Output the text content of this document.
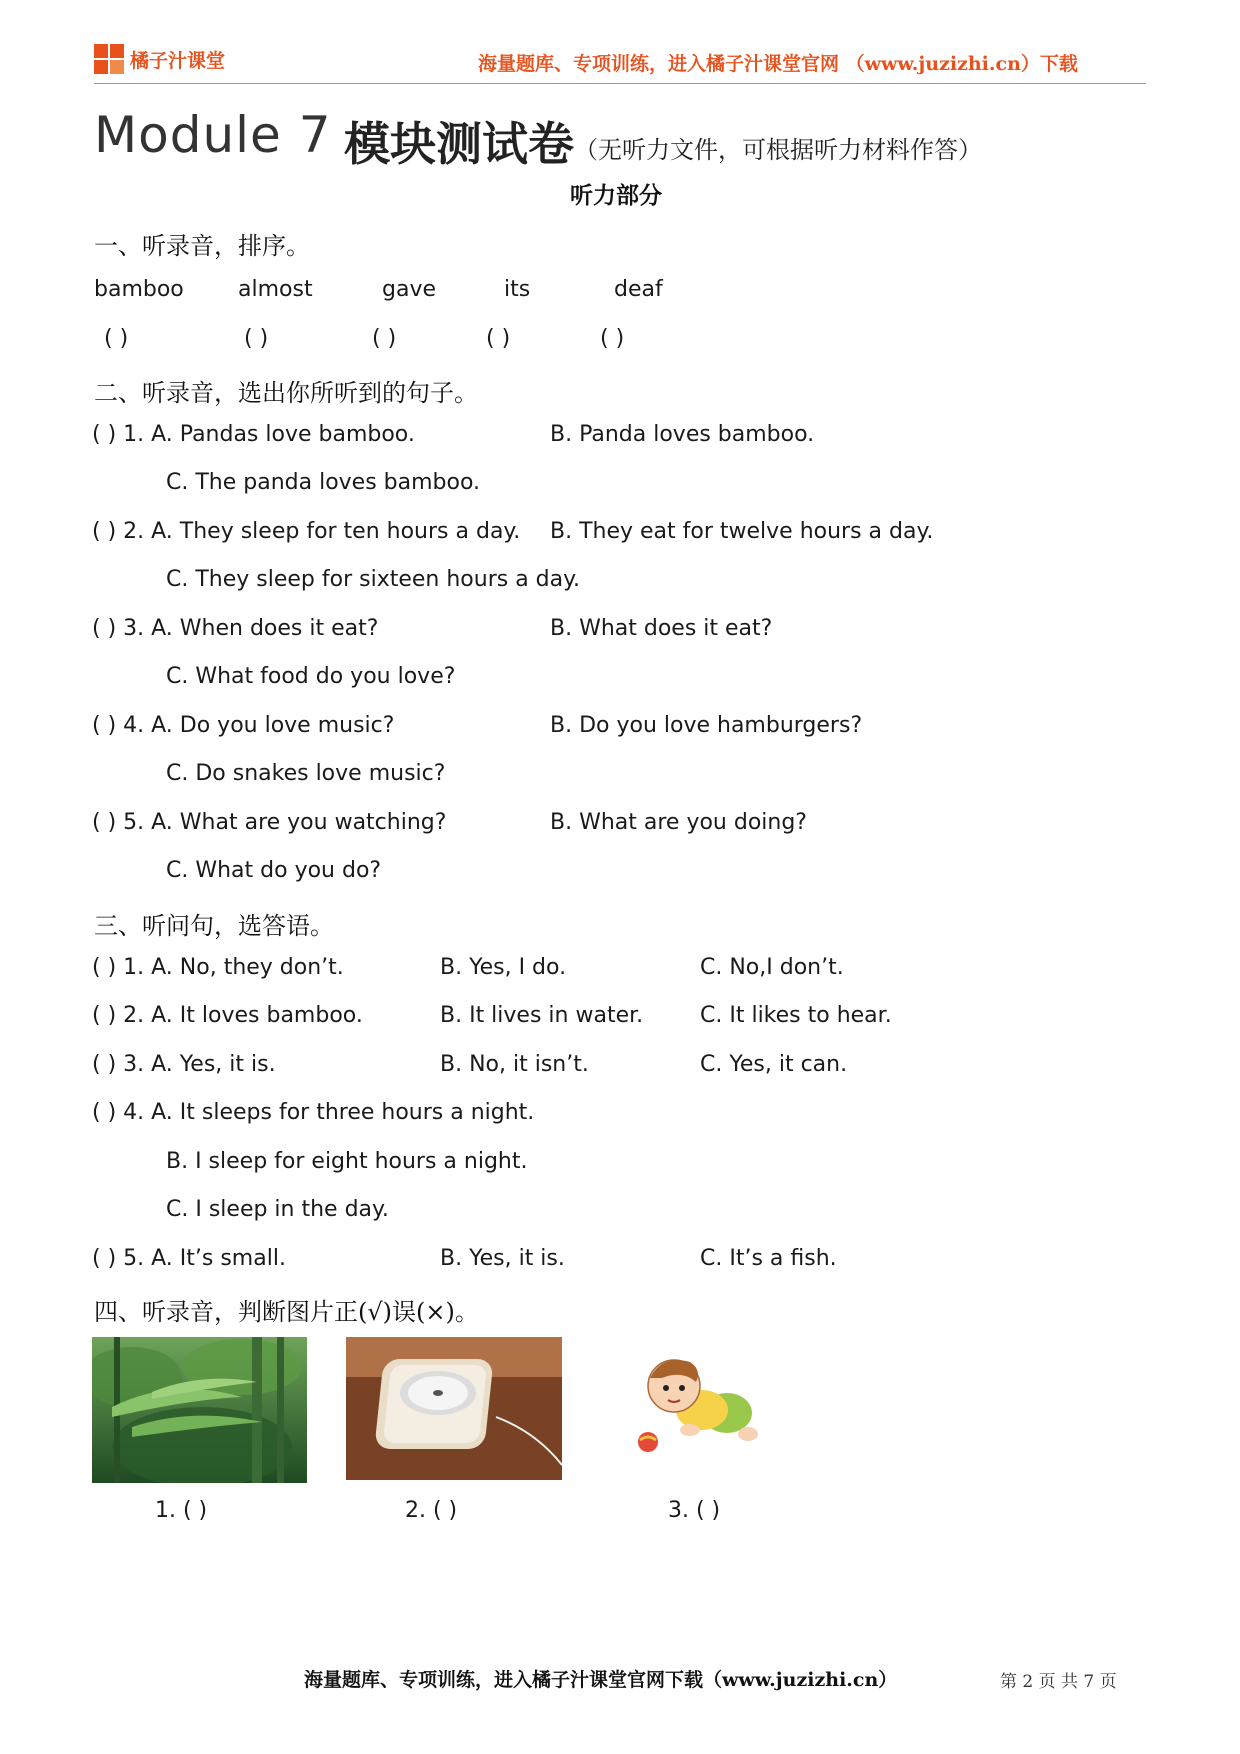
橘子汁课堂	海量题库、专项训练，进入橘子汁课堂官网 （www.juzizhi.cn）下载
Module 7 模块测试卷 （无听力文件，可根据听力材料作答）
听力部分
一、听录音，排序。
bamboo almost	gave	its	deaf
( )	( )	( )	( )	( )
二、听录音，选出你所听到的句子。
( ) 1. A. Pandas love bamboo.	B. Panda loves bamboo.
C. The panda loves bamboo.
( ) 2. A. They sleep for ten hours a day. B. They eat for twelve hours a day.
C. They sleep for sixteen hours a day.
( ) 3. A. When does it eat?	B. What does it eat?
C. What food do you love?
( ) 4. A. Do you love music?	B. Do you love hamburgers?
C. Do snakes love music?
( ) 5. A. What are you watching?	B. What are you doing?
C. What do you do?
三、听问句，选答语。
( ) 1. A. No, they don’t.	B. Yes, I do.	C. No,I don’t.
( ) 2. A. It loves bamboo.	B. It lives in water.	C. It likes to hear.
( ) 3. A. Yes, it is.	B. No, it isn’t.	C. Yes, it can.
( ) 4. A. It sleeps for three hours a night.
B. I sleep for eight hours a night.
C. I sleep in the day.
( ) 5. A. It’s small.	B. Yes, it is.	C. It’s a fish.
四、听录音，判断图片正(√)误(×)。
1. ( )	2. ( )	3. ( )
海量题库、专项训练，进入橘子汁课堂官网下载（www.juzizhi.cn）	第 2 页 共 7 页
